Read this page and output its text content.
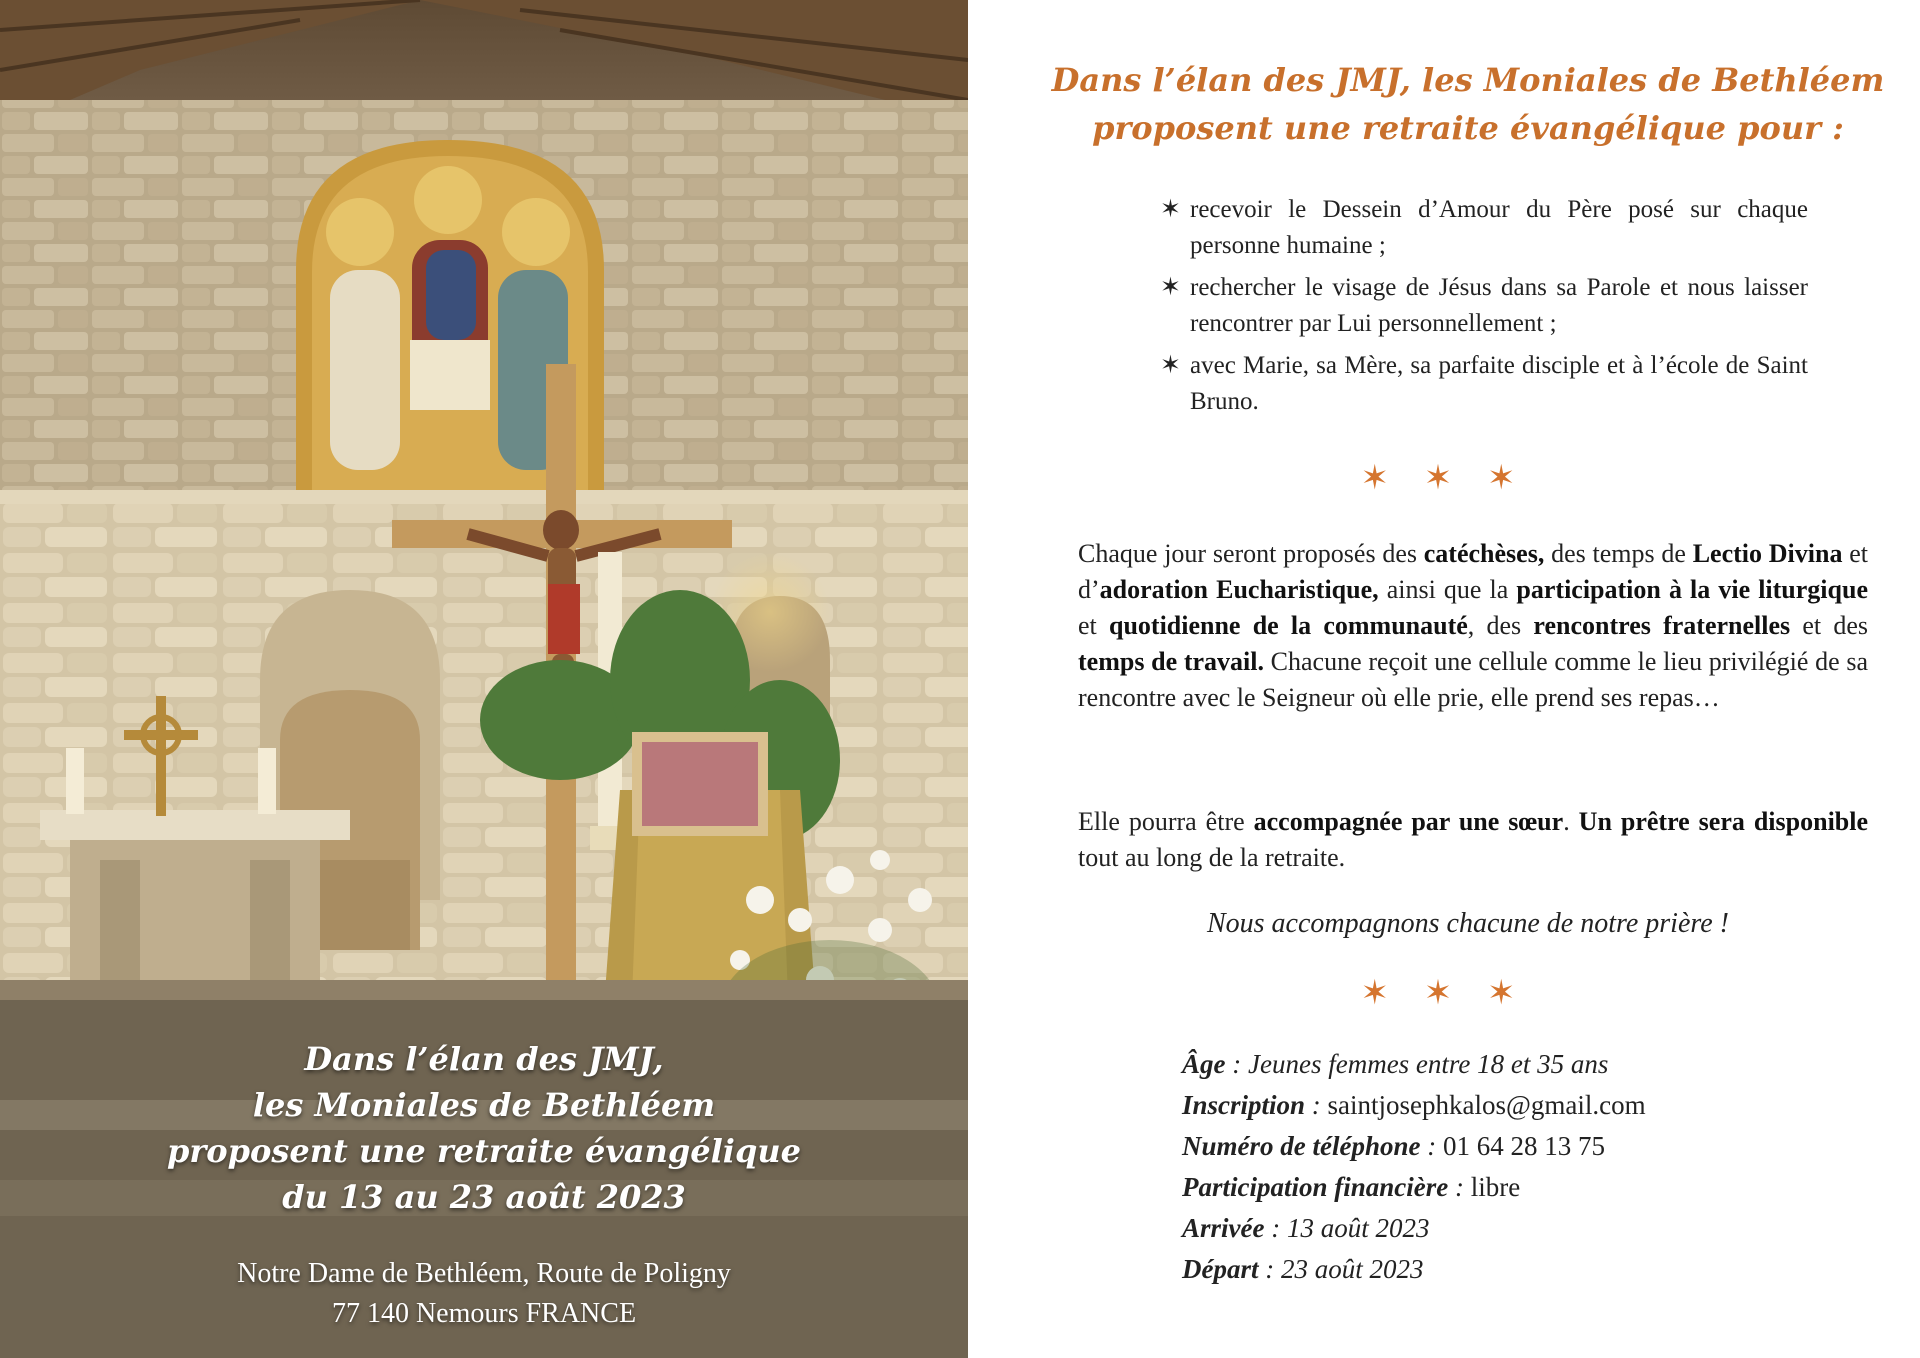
Dans l’élan des JMJ,
les Moniales de Bethléem
proposent une retraite évangélique
du 13 au 23 août 2023
Notre Dame de Bethléem, Route de Poligny
77 140 Nemours FRANCE
Dans l’élan des JMJ, les Moniales de Bethléem
proposent une retraite évangélique pour :
✶ recevoir le Dessein d’Amour du Père posé sur chaque personne humaine ;
✶ rechercher le visage de Jésus dans sa Parole et nous laisser rencontrer par Lui personnellement ;
✶ avec Marie, sa Mère, sa parfaite disciple et à l’école de Saint Bruno.
✶ ✶ ✶
Chaque jour seront proposés des catéchèses, des temps de Lectio Divina et d’adoration Eucharistique, ainsi que la participation à la vie liturgique et quotidienne de la communauté, des rencontres fraternelles et des temps de travail. Chacune reçoit une cellule comme le lieu privilégié de sa rencontre avec le Seigneur où elle prie, elle prend ses repas…
Elle pourra être accompagnée par une sœur. Un prêtre sera disponible tout au long de la retraite.
Nous accompagnons chacune de notre prière !
✶ ✶ ✶
Âge : Jeunes femmes entre 18 et 35 ans
Inscription : saintjosephkalos@gmail.com
Numéro de téléphone : 01 64 28 13 75
Participation financière : libre
Arrivée : 13 août 2023
Départ : 23 août 2023
